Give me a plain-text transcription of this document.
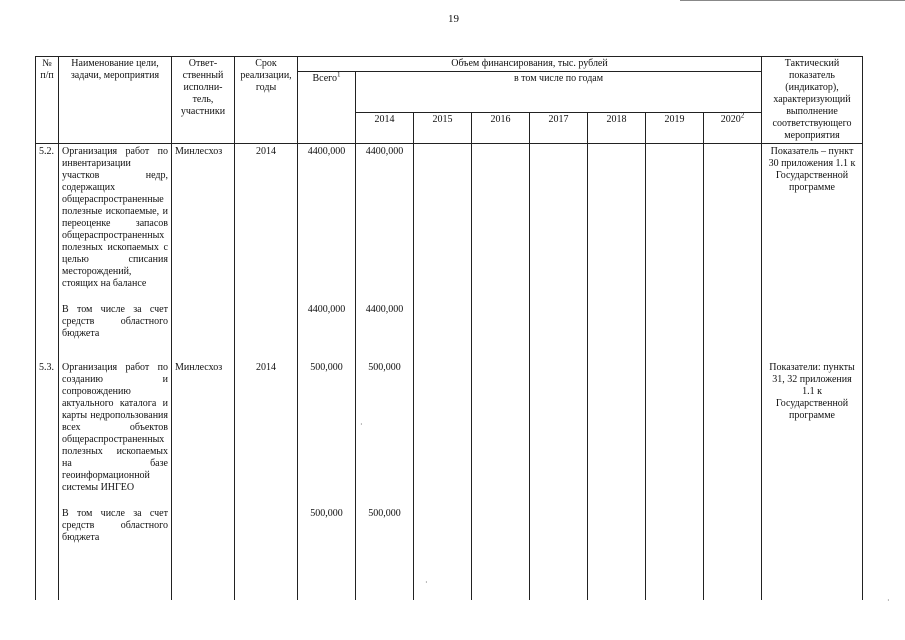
19
№ п/п	Наименование цели, задачи, мероприятия	Ответ-ственный исполни-тель, участники	Срок реализации, годы	Объем финансирования, тыс. рублей								Тактический показатель (индикатор), характеризующий выполнение соответствующего мероприятия
				Всего$^1$	в том числе по годам							
					2014	2015	2016	2017	2018	2019	2020$^2$
5.2.	Организация работ по инвентаризации участков недр, содержащих общераспространенные полезные ископаемые, и переоценке запасов общераспространенных полезных ископаемых с целью списания месторождений, стоящих на балансе	Минлесхоз	2014	4400,000	4400,000							Показатель – пункт 30 приложения 1.1 к Государственной программе
	В том числе за счет средств областного бюджета			4400,000	4400,000							
5.3.	Организация работ по созданию и сопровождению актуального каталога и карты недропользования всех объектов общераспространенных полезных ископаемых на базе геоинформационной системы ИНГЕО	Минлесхоз	2014	500,000	500,000							Показатели: пункты 31, 32 приложения 1.1 к Государственной программе
	В том числе за счет средств областного бюджета			500,000	500,000							
·
·
·
